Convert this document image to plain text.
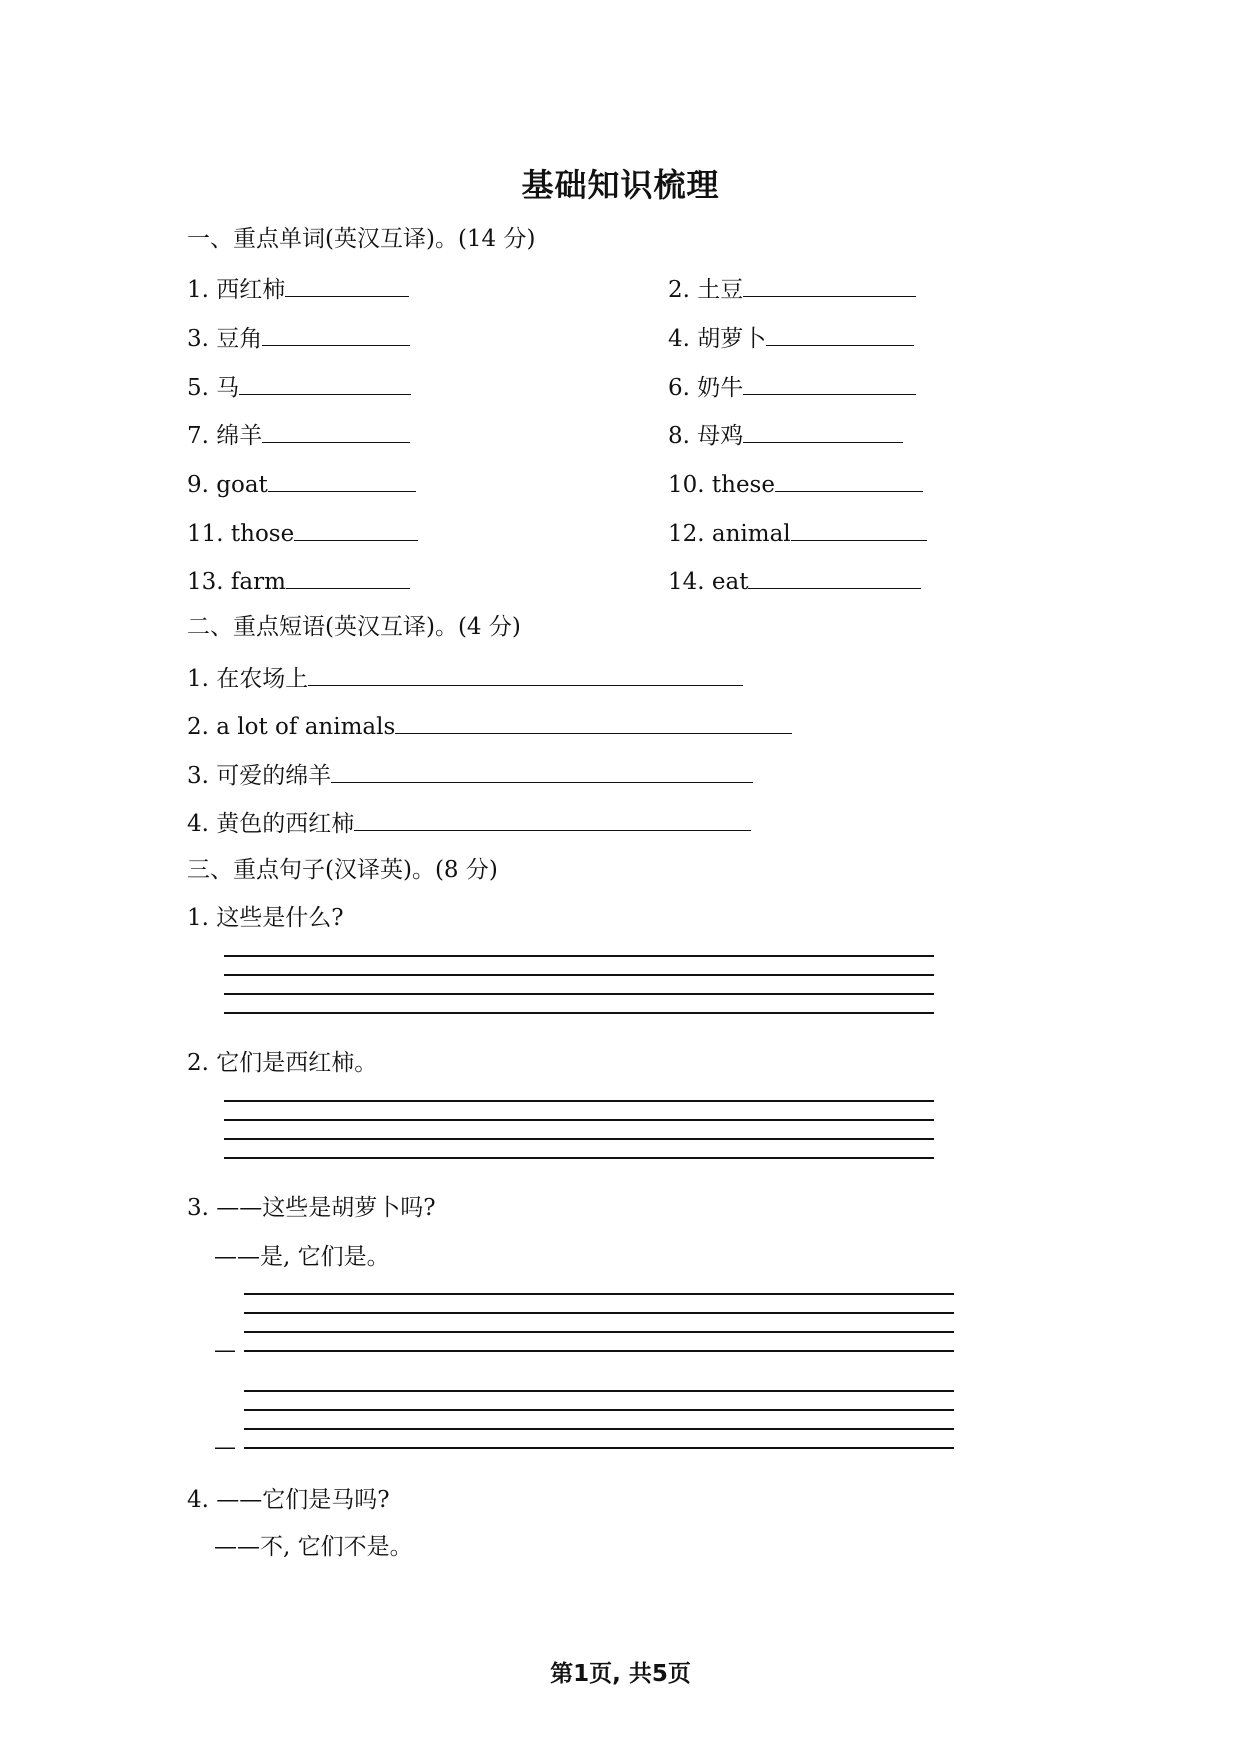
基础知识梳理
一、重点单词(英汉互译)。(14 分)
1. 西红柿	2. 土豆
3. 豆角	4. 胡萝卜
5. 马	6. 奶牛
7. 绵羊	8. 母鸡
9. goat	10. these
11. those	12. animal
13. farm	14. eat
二、重点短语(英汉互译)。(4 分)
1. 在农场上
2. a lot of animals
3. 可爱的绵羊
4. 黄色的西红柿
三、重点句子(汉译英)。(8 分)
1. 这些是什么?
2. 它们是西红柿。
3. ——这些是胡萝卜吗?
——是, 它们是。
—
—
4. ——它们是马吗?
——不, 它们不是。
第1页, 共5页
